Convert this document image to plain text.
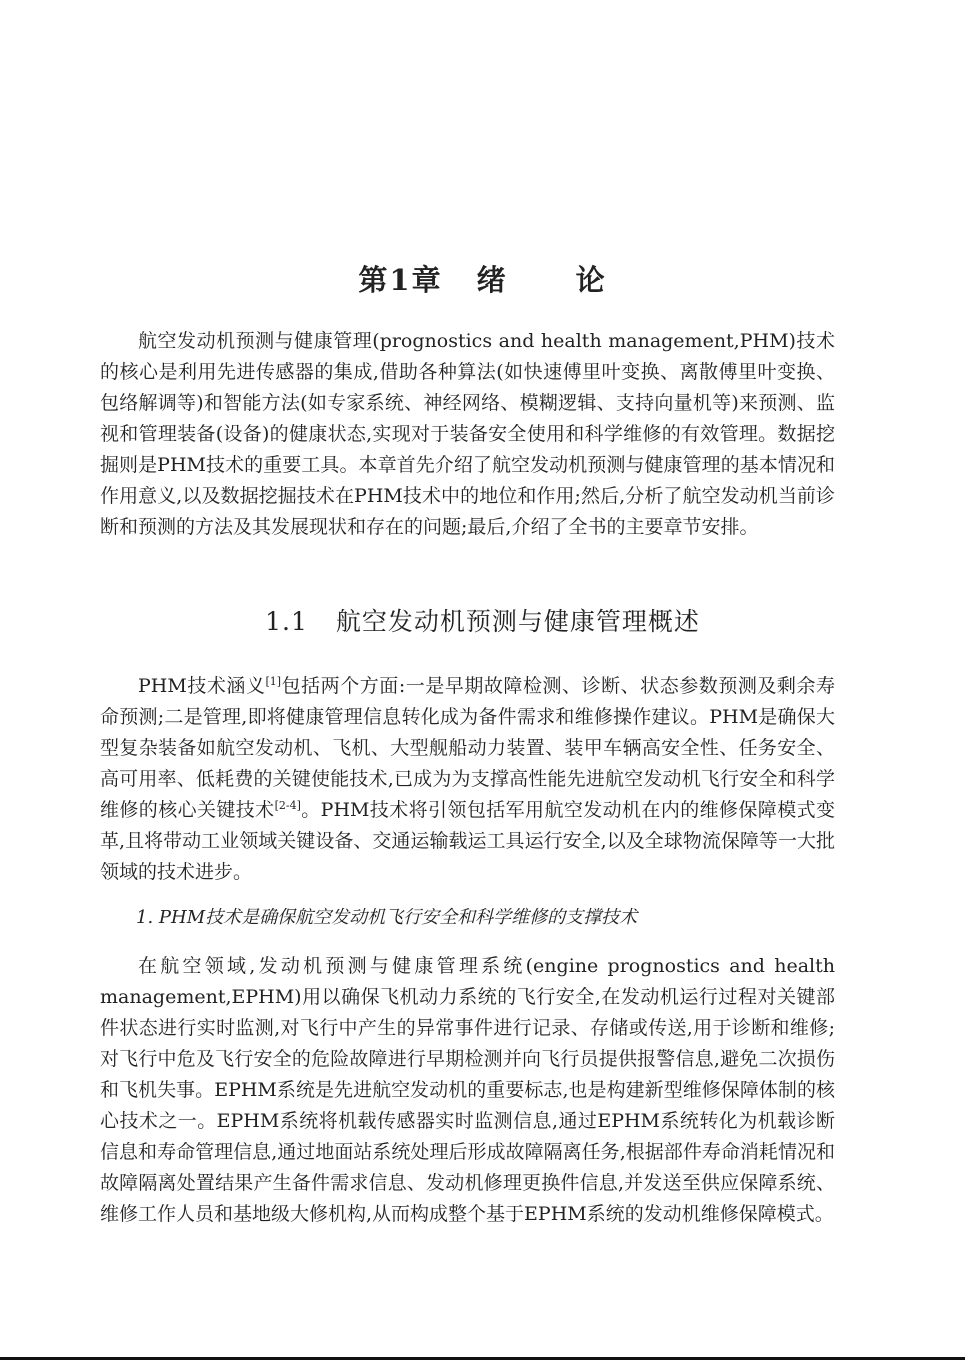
第1章 绪 论

航空发动机预测与健康管理(prognostics and health management,PHM)技术的核心是利用先进传感器的集成,借助各种算法(如快速傅里叶变换、离散傅里叶变换、包络解调等)和智能方法(如专家系统、神经网络、模糊逻辑、支持向量机等)来预测、监视和管理装备(设备)的健康状态,实现对于装备安全使用和科学维修的有效管理。数据挖掘则是PHM技术的重要工具。本章首先介绍了航空发动机预测与健康管理的基本情况和作用意义,以及数据挖掘技术在PHM技术中的地位和作用;然后,分析了航空发动机当前诊断和预测的方法及其发展现状和存在的问题;最后,介绍了全书的主要章节安排。

1.1 航空发动机预测与健康管理概述

PHM技术涵义[1]包括两个方面:一是早期故障检测、诊断、状态参数预测及剩余寿命预测;二是管理,即将健康管理信息转化成为备件需求和维修操作建议。PHM是确保大型复杂装备如航空发动机、飞机、大型舰船动力装置、装甲车辆高安全性、任务安全、高可用率、低耗费的关键使能技术,已成为为支撑高性能先进航空发动机飞行安全和科学维修的核心关键技术[2-4]。PHM技术将引领包括军用航空发动机在内的维修保障模式变革,且将带动工业领域关键设备、交通运输载运工具运行安全,以及全球物流保障等一大批领域的技术进步。

1. PHM技术是确保航空发动机飞行安全和科学维修的支撑技术

在航空领域,发动机预测与健康管理系统(engine prognostics and health management,EPHM)用以确保飞机动力系统的飞行安全,在发动机运行过程对关键部件状态进行实时监测,对飞行中产生的异常事件进行记录、存储或传送,用于诊断和维修;对飞行中危及飞行安全的危险故障进行早期检测并向飞行员提供报警信息,避免二次损伤和飞机失事。EPHM系统是先进航空发动机的重要标志,也是构建新型维修保障体制的核心技术之一。EPHM系统将机载传感器实时监测信息,通过EPHM系统转化为机载诊断信息和寿命管理信息,通过地面站系统处理后形成故障隔离任务,根据部件寿命消耗情况和故障隔离处置结果产生备件需求信息、发动机修理更换件信息,并发送至供应保障系统、维修工作人员和基地级大修机构,从而构成整个基于EPHM系统的发动机维修保障模式。
